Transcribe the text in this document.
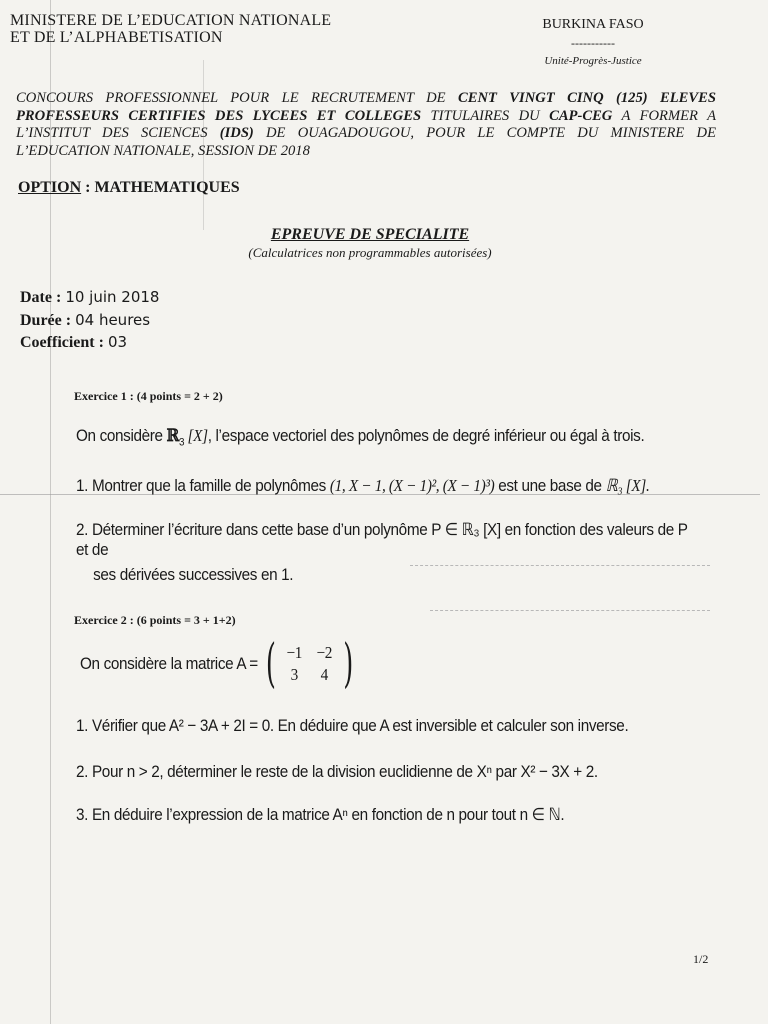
MINISTERE DE L’EDUCATION NATIONALE
ET DE L’ALPHABETISATION
BURKINA FASO
-----------
Unité-Progrès-Justice
CONCOURS PROFESSIONNEL POUR LE RECRUTEMENT DE CENT VINGT CINQ (125) ELEVES PROFESSEURS CERTIFIES DES LYCEES ET COLLEGES TITULAIRES DU CAP-CEG A FORMER A L’INSTITUT DES SCIENCES (IDS) DE OUAGADOUGOU, POUR LE COMPTE DU MINISTERE DE L’EDUCATION NATIONALE, SESSION DE 2018
OPTION : MATHEMATIQUES
EPREUVE DE SPECIALITE
(Calculatrices non programmables autorisées)
Date : 10 juin 2018
Durée : 04 heures
Coefficient : 03
Exercice 1 : (4 points = 2 + 2)
On considère ℝ$_3$ [X], l’espace vectoriel des polynômes de degré inférieur ou égal à trois.
1. Montrer que la famille de polynômes (1, X − 1, (X − 1)², (X − 1)³) est une base de ℝ₃ [X].
2. Déterminer l’écriture dans cette base d’un polynôme P ∈ ℝ₃ [X] en fonction des valeurs de P et de
ses dérivées successives en 1.
Exercice 2 : (6 points = 3 + 1+2)
On considère la matrice A = ( −1	−2
3	4 )
1. Vérifier que A² − 3A + 2I = 0. En déduire que A est inversible et calculer son inverse.
2. Pour n > 2, déterminer le reste de la division euclidienne de Xⁿ par X² − 3X + 2.
3. En déduire l’expression de la matrice Aⁿ en fonction de n pour tout n ∈ ℕ.
1/2
